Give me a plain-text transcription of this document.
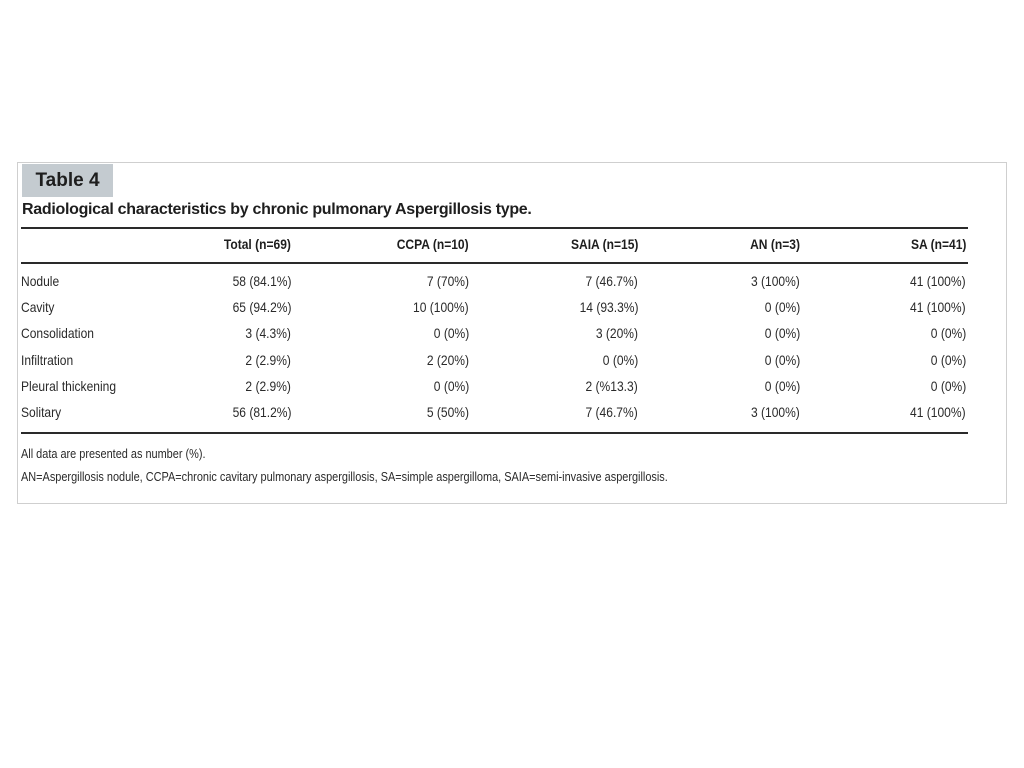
Table 4
Radiological characteristics by chronic pulmonary Aspergillosis type.
Total (n=69)	CCPA (n=10)	SAIA (n=15)	AN (n=3)	SA (n=41)
Nodule	58 (84.1%)	7 (70%)	7 (46.7%)	3 (100%)	41 (100%)
Cavity	65 (94.2%)	10 (100%)	14 (93.3%)	0 (0%)	41 (100%)
Consolidation	3 (4.3%)	0 (0%)	3 (20%)	0 (0%)	0 (0%)
Infiltration	2 (2.9%)	2 (20%)	0 (0%)	0 (0%)	0 (0%)
Pleural thickening	2 (2.9%)	0 (0%)	2 (%13.3)	0 (0%)	0 (0%)
Solitary	56 (81.2%)	5 (50%)	7 (46.7%)	3 (100%)	41 (100%)
All data are presented as number (%).
AN=Aspergillosis nodule, CCPA=chronic cavitary pulmonary aspergillosis, SA=simple aspergilloma, SAIA=semi-invasive aspergillosis.
